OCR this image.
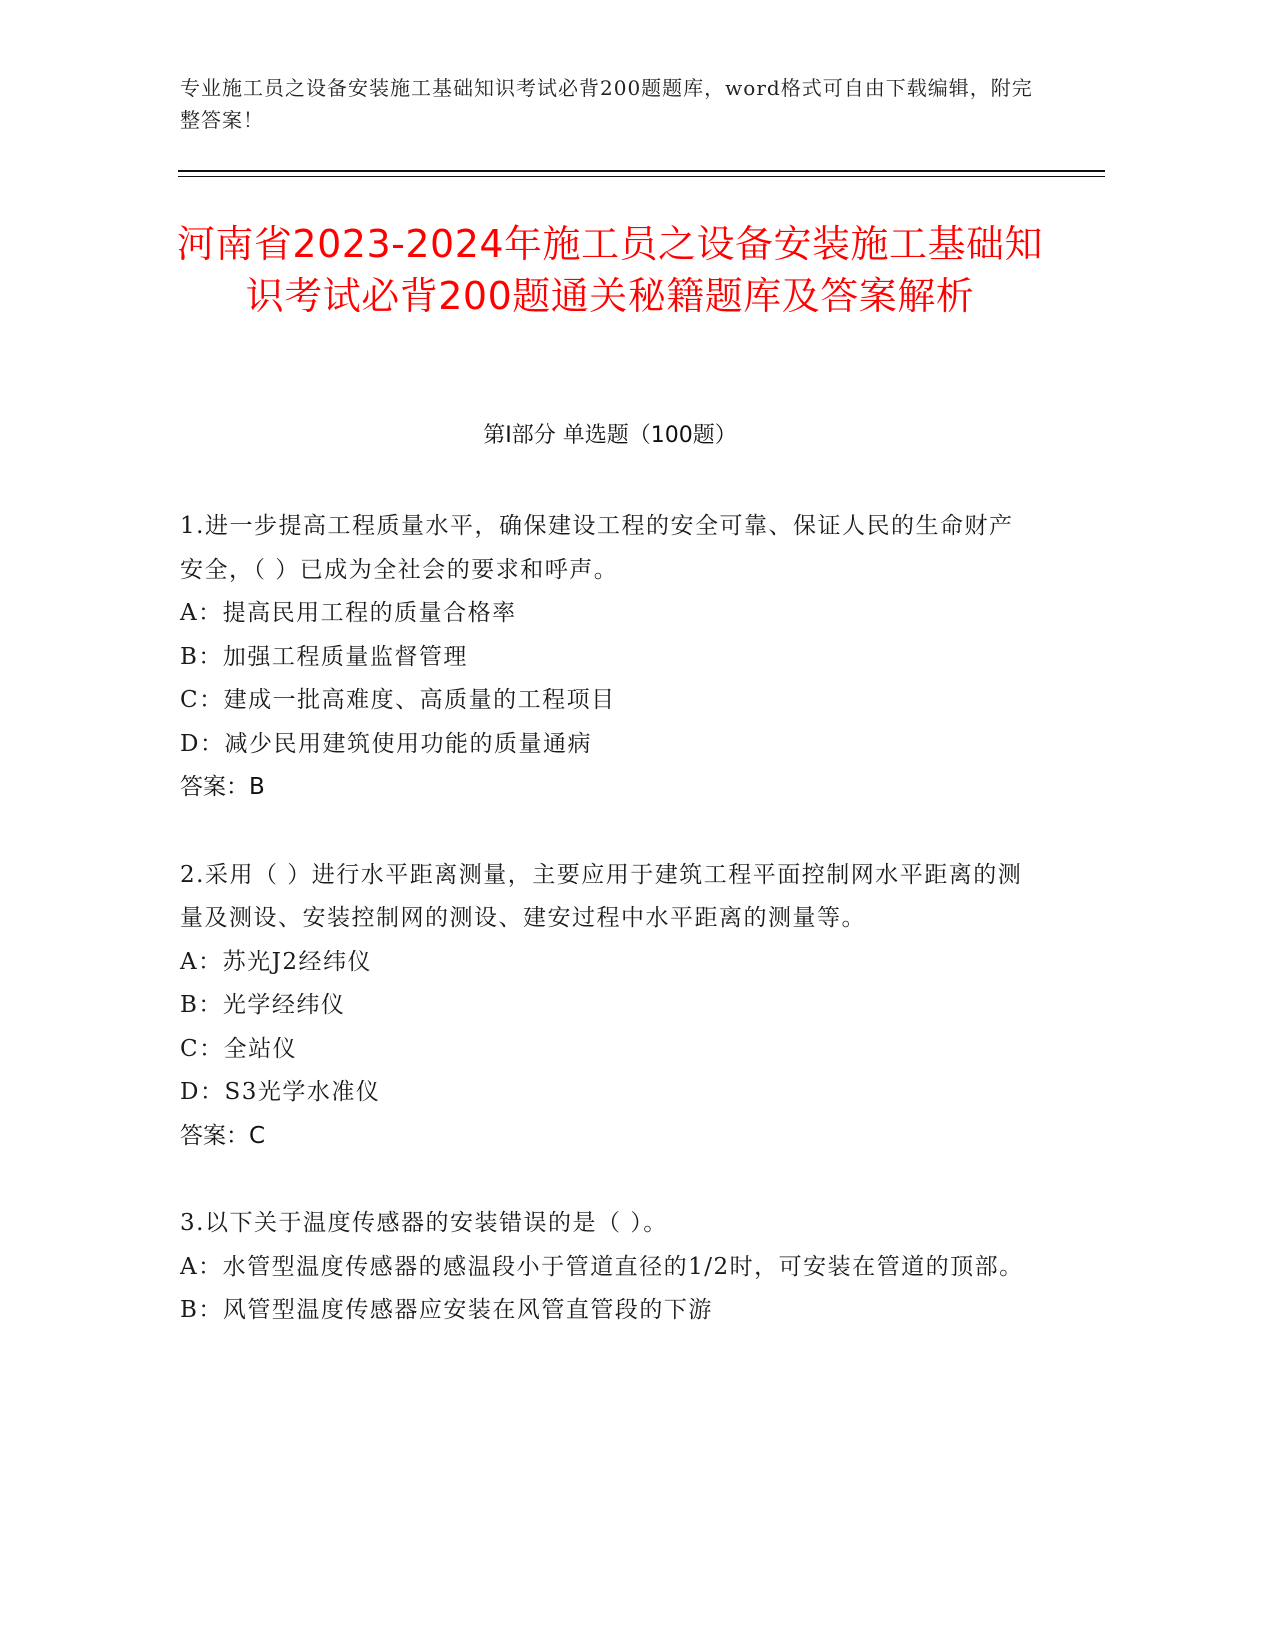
专业施工员之设备安装施工基础知识考试必背200题题库，word格式可自由下载编辑，附完整答案！
河南省2023-2024年施工员之设备安装施工基础知识考试必背200题通关秘籍题库及答案解析
第Ⅰ部分 单选题（100题）
1.进一步提高工程质量水平，确保建设工程的安全可靠、保证人民的生命财产安全，（ ）已成为全社会的要求和呼声。
A：提高民用工程的质量合格率
B：加强工程质量监督管理
C：建成一批高难度、高质量的工程项目
D：减少民用建筑使用功能的质量通病
答案：B
2.采用（ ）进行水平距离测量，主要应用于建筑工程平面控制网水平距离的测量及测设、安装控制网的测设、建安过程中水平距离的测量等。
A：苏光J2经纬仪
B：光学经纬仪
C：全站仪
D：S3光学水准仪
答案：C
3.以下关于温度传感器的安装错误的是（ ）。
A：水管型温度传感器的感温段小于管道直径的1/2时，可安装在管道的顶部。
B：风管型温度传感器应安装在风管直管段的下游
